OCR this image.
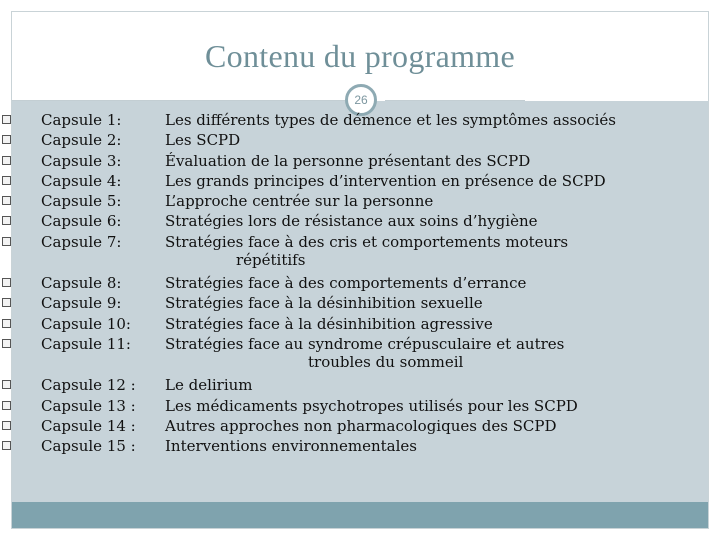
Contenu du programme
26
Capsule 1:	Les différents types de démence et les symptômes associés
Capsule 2:	Les SCPD
Capsule 3:	Évaluation de la personne présentant des SCPD
Capsule 4:	Les grands principes d’intervention en présence de SCPD
Capsule 5:	L’approche centrée sur la personne
Capsule 6:	Stratégies lors de résistance aux soins d’hygiène
Capsule 7:	Stratégies face à des cris et comportements moteurs
répétitifs
Capsule 8:	Stratégies face à des comportements d’errance
Capsule 9:	Stratégies face à la désinhibition sexuelle
Capsule 10: Stratégies face à la désinhibition agressive
Capsule 11: Stratégies face au syndrome crépusculaire et autres
troubles du sommeil
Capsule 12 : Le delirium
Capsule 13 : Les médicaments psychotropes utilisés pour les SCPD
Capsule 14 : Autres approches non pharmacologiques des SCPD
Capsule 15 : Interventions environnementales
